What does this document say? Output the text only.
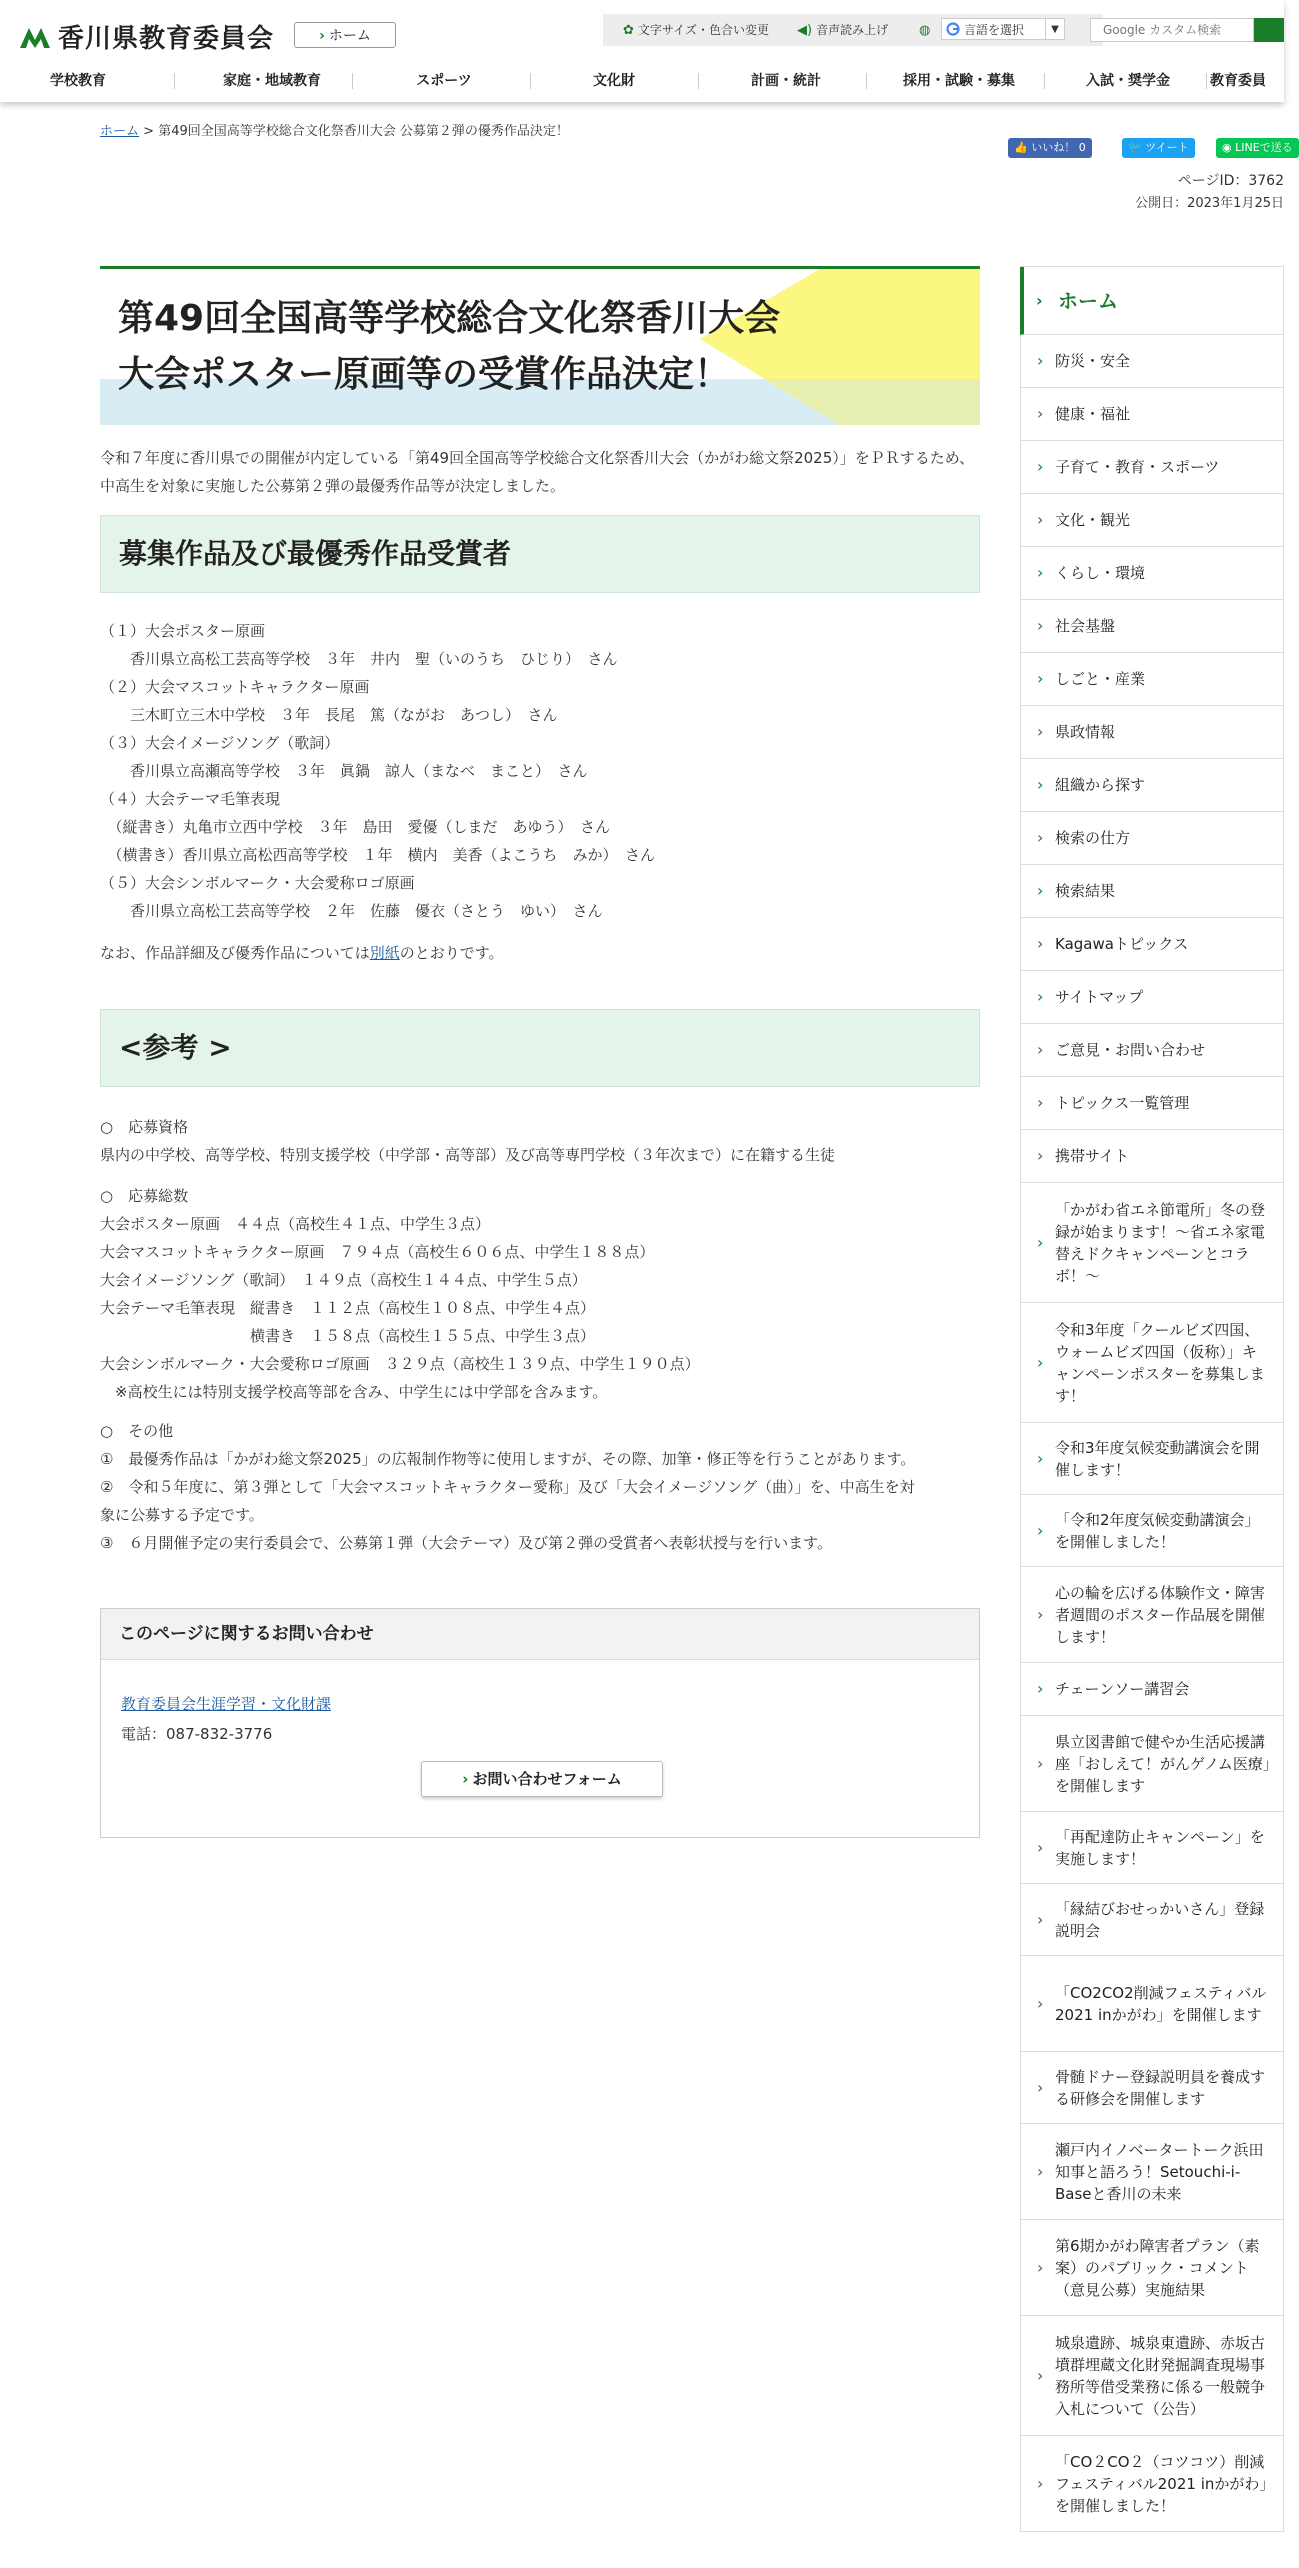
香川県教育委員会	› ホーム	✿ 文字サイズ・色合い変更 ◀) 音声読み上げ ◍	言語を選択	▼
Google カスタム検索
学校教育	家庭・地域教育	スポーツ	文化財	計画・統計	採用・試験・募集	入試・奨学金	教育委員
ホーム > 第49回全国高等学校総合文化祭香川大会 公募第２弾の優秀作品決定！
👍 いいね！ 0	🐦 ツイート	◉ LINEで送る
ページID：3762
公開日：2023年1月25日
第49回全国高等学校総合文化祭香川大会
大会ポスター原画等の受賞作品決定！
令和７年度に香川県での開催が内定している「第49回全国高等学校総合文化祭香川大会（かがわ総文祭2025）」をＰＲするため、中高生を対象に実施した公募第２弾の最優秀作品等が決定しました。
募集作品及び最優秀作品受賞者
（１）大会ポスター原画
　　香川県立高松工芸高等学校　３年　井内　聖（いのうち　ひじり）　さん
（２）大会マスコットキャラクター原画
　　三木町立三木中学校　３年　長尾　篤（ながお　あつし）　さん
（３）大会イメージソング（歌詞）
　　香川県立高瀬高等学校　３年　眞鍋　諒人（まなべ　まこと）　さん
（４）大会テーマ毛筆表現
　（縦書き）丸亀市立西中学校　３年　島田　愛優（しまだ　あゆう）　さん
　（横書き）香川県立高松西高等学校　１年　横内　美香（よこうち　みか）　さん
（５）大会シンボルマーク・大会愛称ロゴ原画
　　香川県立高松工芸高等学校　２年　佐藤　優衣（さとう　ゆい）　さん
なお、作品詳細及び優秀作品については別紙のとおりです。
<参考 >
○　応募資格
県内の中学校、高等学校、特別支援学校（中学部・高等部）及び高等専門学校（３年次まで）に在籍する生徒
○　応募総数
大会ポスター原画　４４点（高校生４１点、中学生３点）
大会マスコットキャラクター原画　７９４点（高校生６０６点、中学生１８８点）
大会イメージソング（歌詞）　１４９点（高校生１４４点、中学生５点）
大会テーマ毛筆表現　縦書き　１１２点（高校生１０８点、中学生４点）
　　　　　　　　　　横書き　１５８点（高校生１５５点、中学生３点）
大会シンボルマーク・大会愛称ロゴ原画　３２９点（高校生１３９点、中学生１９０点）
　※高校生には特別支援学校高等部を含み、中学生には中学部を含みます。
○　その他
①　最優秀作品は「かがわ総文祭2025」の広報制作物等に使用しますが、その際、加筆・修正等を行うことがあります。
②　令和５年度に、第３弾として「大会マスコットキャラクター愛称」及び「大会イメージソング（曲）」を、中高生を対
象に公募する予定です。
③　６月開催予定の実行委員会で、公募第１弾（大会テーマ）及び第２弾の受賞者へ表彰状授与を行います。
このページに関するお問い合わせ
教育委員会生涯学習・文化財課
電話：087-832-3776
› お問い合わせフォーム
› ホーム
› 防災・安全
› 健康・福祉
› 子育て・教育・スポーツ
› 文化・観光
› くらし・環境
› 社会基盤
› しごと・産業
› 県政情報
› 組織から探す
› 検索の仕方
› 検索結果
› Kagawaトピックス
› サイトマップ
› ご意見・お問い合わせ
› トピックス一覧管理
› 携帯サイト
›
「かがわ省エネ節電所」冬の登録が始まります！～省エネ家電替えドクキャンペーンとコラボ！～
›
令和3年度「クールビズ四国、ウォームビズ四国（仮称）」キャンペーンポスターを募集します！
›
令和3年度気候変動講演会を開催します！
›
「令和2年度気候変動講演会」を開催しました！
›
心の輪を広げる体験作文・障害者週間のポスター作品展を開催します！
› チェーンソー講習会
›
県立図書館で健やか生活応援講座「おしえて！がんゲノム医療」を開催します
›
「再配達防止キャンペーン」を実施します！
›
「縁結びおせっかいさん」登録説明会
›
「CO2CO2削減フェスティバル2021 inかがわ」を開催します
›
骨髄ドナー登録説明員を養成する研修会を開催します
›
瀬戸内イノベータートーク浜田知事と語ろう！Setouchi-i-Baseと香川の未来
›
第6期かがわ障害者プラン（素案）のパブリック・コメント（意見公募）実施結果
›
城泉遺跡、城泉東遺跡、赤坂古墳群埋蔵文化財発掘調査現場事務所等借受業務に係る一般競争入札について（公告）
›
「CO２CO２（コツコツ）削減フェスティバル2021 inかがわ」を開催しました！
